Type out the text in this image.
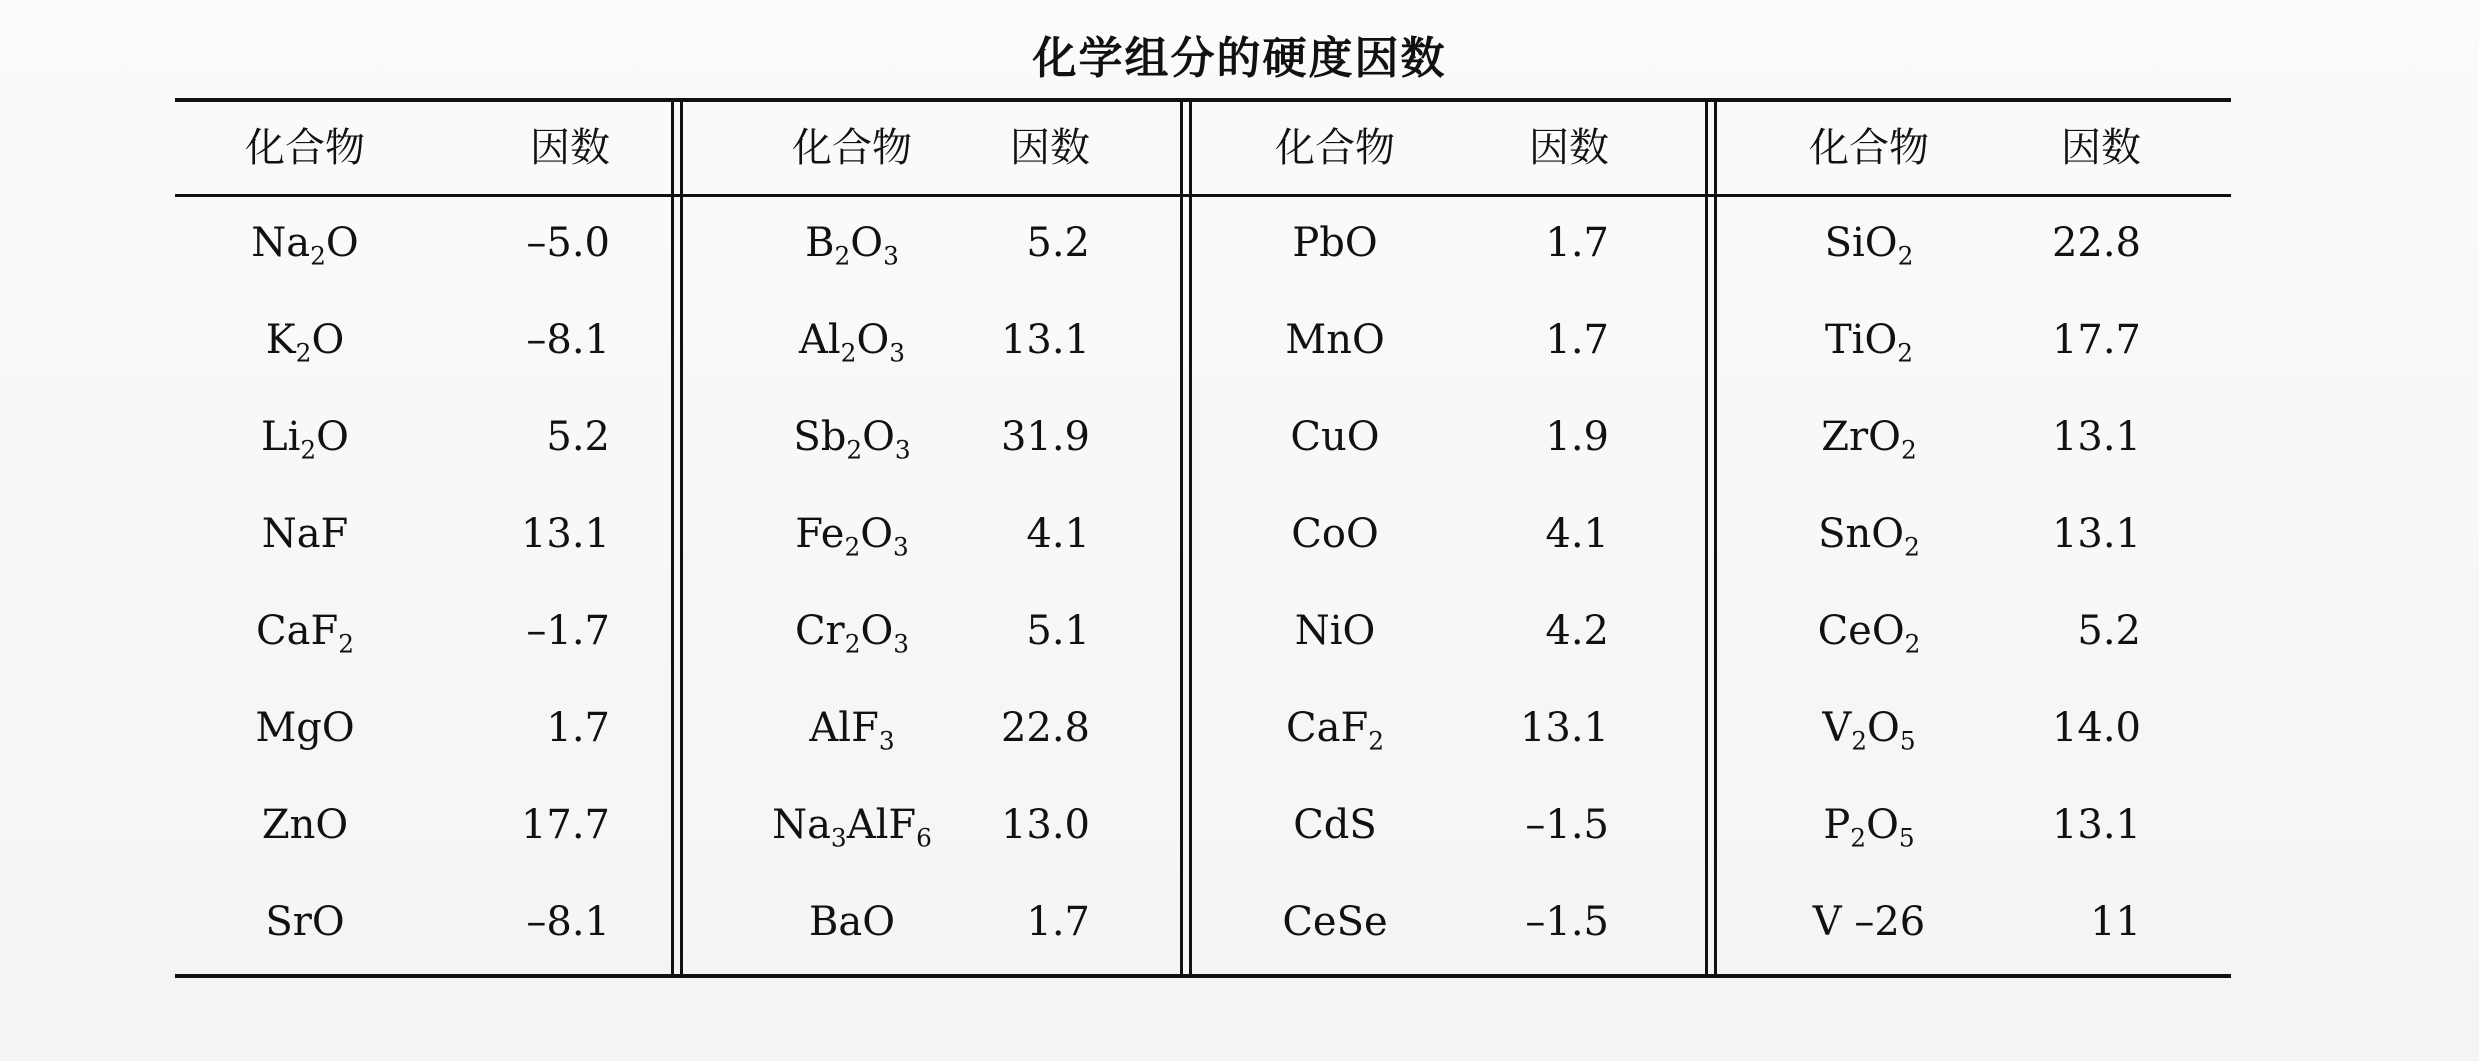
化学组分的硬度因数
化合物	因数
$Na_2O$	–5.0
$K_2O$	–8.1
$Li_2O$	5.2
NaF	13.1
CaF$_2$	–1.7
MgO	1.7
ZnO	17.7
SrO	–8.1
化合物	因数
$B_2O_3$	5.2
$Al_2O_3$	13.1
$Sb_2O_3$	31.9
$Fe_2O_3$	4.1
$Cr_2O_3$	5.1
AlF$_3$	22.8
$Na_3AlF_6$	13.0
BaO	1.7
化合物	因数
PbO	1.7
MnO	1.7
CuO	1.9
CoO	4.1
NiO	4.2
CaF$_2$	13.1
CdS	–1.5
CeSe	–1.5
化合物	因数
SiO$_2$	22.8
TiO$_2$	17.7
ZrO$_2$	13.1
SnO$_2$	13.1
CeO$_2$	5.2
$V_2O_5$	14.0
$P_2O_5$	13.1
V –26	11
